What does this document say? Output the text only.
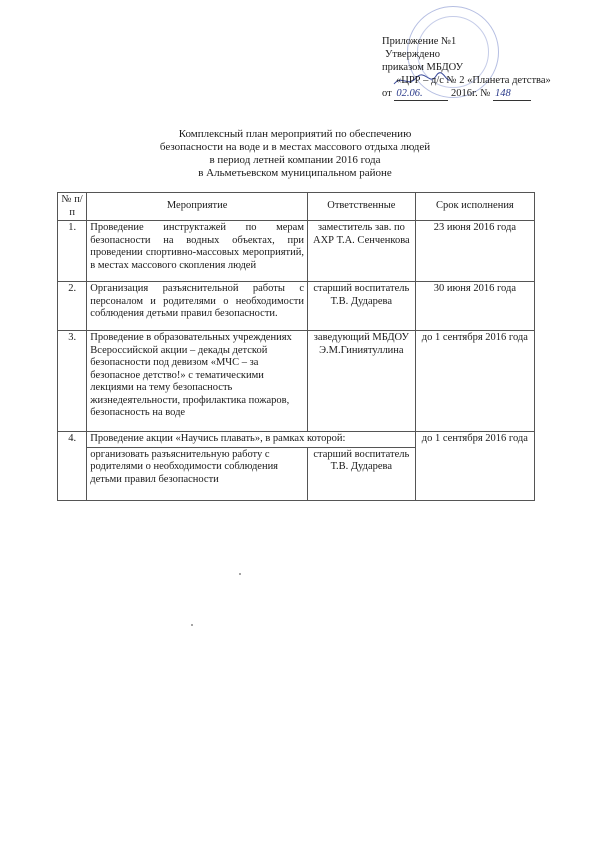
Приложение №1
Утверждено
приказом МБДОУ
«ЦРР – д/с № 2 «Планета детства»
от 02.06.	2016г. № 148
Комплексный план мероприятий по обеспечению
безопасности на воде и в местах массового отдыха людей
в период летней компании 2016 года
в Альметьевском муниципальном районе
№ п/п	Мероприятие	Ответственные	Срок исполнения
1.	Проведение инструктажей по мерам безопасности на водных объектах, при проведении спортивно-массовых мероприятий, в местах массового скопления людей	заместитель зав. по АХР Т.А. Сенченкова	23 июня 2016 года
2.	Организация разъяснительной работы с персоналом и родителями о необходимости соблюдения детьми правил безопасности.	старший воспитатель Т.В. Дударева	30 июня 2016 года
3.	Проведение в образовательных учреждениях Всероссийской акции – декады детской безопасности под девизом «МЧС – за безопасное детство!» с тематическими лекциями на тему безопасность жизнедеятельности, профилактика пожаров, безопасность на воде	заведующий МБДОУ Э.М.Гиниятуллина	до 1 сентября 2016 года
4.	Проведение акции «Научись плавать», в рамках которой:		до 1 сентября 2016 года
	организовать разъяснительную работу с родителями о необходимости соблюдения детьми правил безопасности	старший воспитатель Т.В. Дударева	
